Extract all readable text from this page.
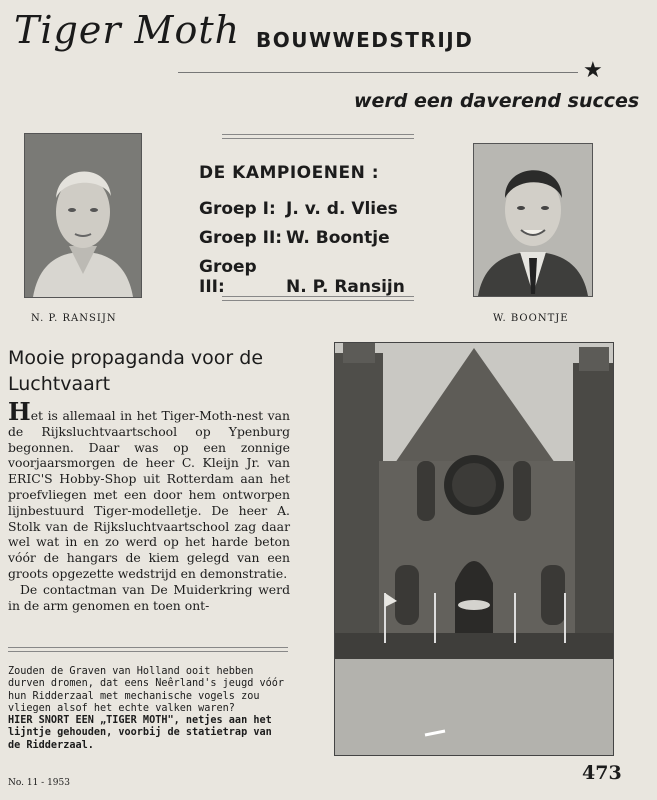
Tiger Moth BOUWWEDSTRIJD
★
werd een daverend succes
N. P. RANSIJN	W. BOONTJE
DE KAMPIOENEN :
Groep I: J. v. d. Vlies
Groep II: W. Boontje
Groep III:	N. P. Ransijn
Mooie propaganda voor de Luchtvaart

Het is allemaal in het Tiger-Moth-nest van de Rijksluchtvaartschool op Ypenburg begonnen. Daar was op een zonnige voorjaarsmorgen de heer C. Kleijn Jr. van ERIC'S Hobby-Shop uit Rotterdam aan het proefvliegen met een door hem ontworpen lijnbestuurd Tiger-modelletje. De heer A. Stolk van de Rijksluchtvaartschool zag daar wel wat in en zo werd op het harde beton vóór de hangars de kiem gelegd van een groots opgezette wedstrijd en demonstratie.

De contactman van De Muiderkring werd in de arm genomen en toen ont-

Zouden de Graven van Holland ooit hebben durven dromen, dat eens Neêrland's jeugd vóór hun Ridderzaal met mechanische vogels zou vliegen alsof het echte valken waren?

HIER SNORT EEN „TIGER MOTH", netjes aan het lijntje gehouden, voorbij de statietrap van de Ridderzaal.

No. 11 - 1953	473
